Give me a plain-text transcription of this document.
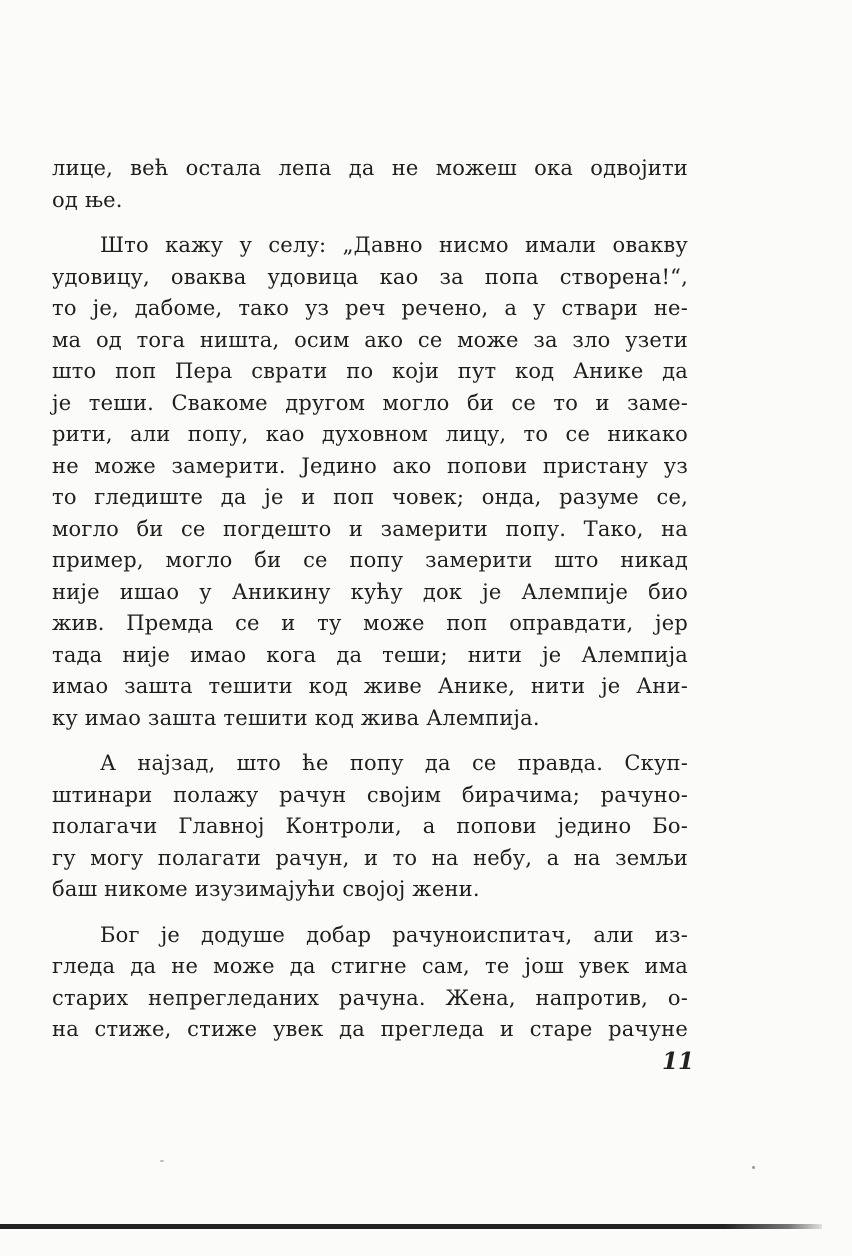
лице, већ остала лепа да не можеш ока одвојити
од ње.
Што кажу у селу: „Давно нисмо имали овакву
удовицу, оваква удовица као за попа створена!“,
то је, дабоме, тако уз реч речено, а у ствари не-
ма од тога ништа, осим ако се може за зло узети
што поп Пера сврати по који пут код Анике да
је теши. Свакоме другом могло би се то и заме-
рити, али попу, као духовном лицу, то се никако
не може замерити. Једино ако попови пристану уз
то гледиште да је и поп човек; онда, разуме се,
могло би се погдешто и замерити попу. Тако, на
пример, могло би се попу замерити што никад
није ишао у Аникину кућу док је Алемпије био
жив. Премда се и ту може поп оправдати, јер
тада није имао кога да теши; нити је Алемпија
имао зашта тешити код живе Анике, нити је Ани-
ку имао зашта тешити код жива Алемпија.
А најзад, што ће попу да се правда. Скуп-
штинари полажу рачун својим бирачима; рачуно-
полагачи Главној Контроли, а попови једино Бо-
гу могу полагати рачун, и то на небу, а на земљи
баш никоме изузимајући својој жени.
Бог је додуше добар рачуноиспитач, али из-
гледа да не може да стигне сам, те још увек има
старих непрегледаних рачуна. Жена, напротив, о-
на стиже, стиже увек да прегледа и старе рачуне
11
